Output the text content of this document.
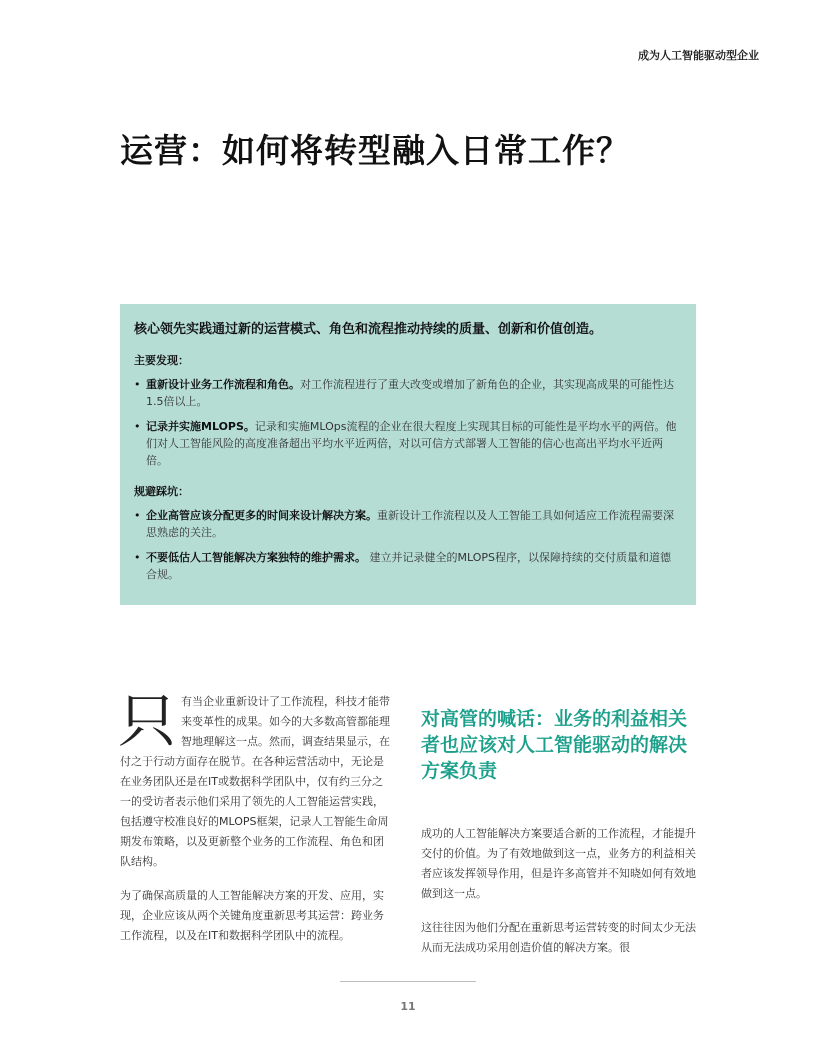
成为人工智能驱动型企业
运营：如何将转型融入日常工作？
核心领先实践通过新的运营模式、角色和流程推动持续的质量、创新和价值创造。
主要发现：
• 重新设计业务工作流程和角色。对工作流程进行了重大改变或增加了新角色的企业，其实现高成果的可能性达1.5倍以上。
• 记录并实施MLOPS。记录和实施MLOps流程的企业在很大程度上实现其目标的可能性是平均水平的两倍。他们对人工智能风险的高度准备超出平均水平近两倍，对以可信方式部署人工智能的信心也高出平均水平近两倍。
规避踩坑：
• 企业高管应该分配更多的时间来设计解决方案。重新设计工作流程以及人工智能工具如何适应工作流程需要深思熟虑的关注。
• 不要低估人工智能解决方案独特的维护需求。 建立并记录健全的MLOPS程序，以保障持续的交付质量和道德合规。

只有当企业重新设计了工作流程，科技才能带来变革性的成果。如今的大多数高管都能理智地理解这一点。然而，调查结果显示，在付之于行动方面存在脱节。在各种运营活动中，无论是在业务团队还是在IT或数据科学团队中，仅有约三分之一的受访者表示他们采用了领先的人工智能运营实践，包括遵守校准良好的MLOPS框架，记录人工智能生命周期发布策略，以及更新整个业务的工作流程、角色和团队结构。

为了确保高质量的人工智能解决方案的开发、应用，实现，企业应该从两个关键角度重新思考其运营：跨业务工作流程，以及在IT和数据科学团队中的流程。

对高管的喊话：业务的利益相关者也应该对人工智能驱动的解决方案负责

成功的人工智能解决方案要适合新的工作流程，才能提升交付的价值。为了有效地做到这一点，业务方的利益相关者应该发挥领导作用，但是许多高管并不知晓如何有效地做到这一点。

这往往因为他们分配在重新思考运营转变的时间太少无法从而无法成功采用创造价值的解决方案。很

11
